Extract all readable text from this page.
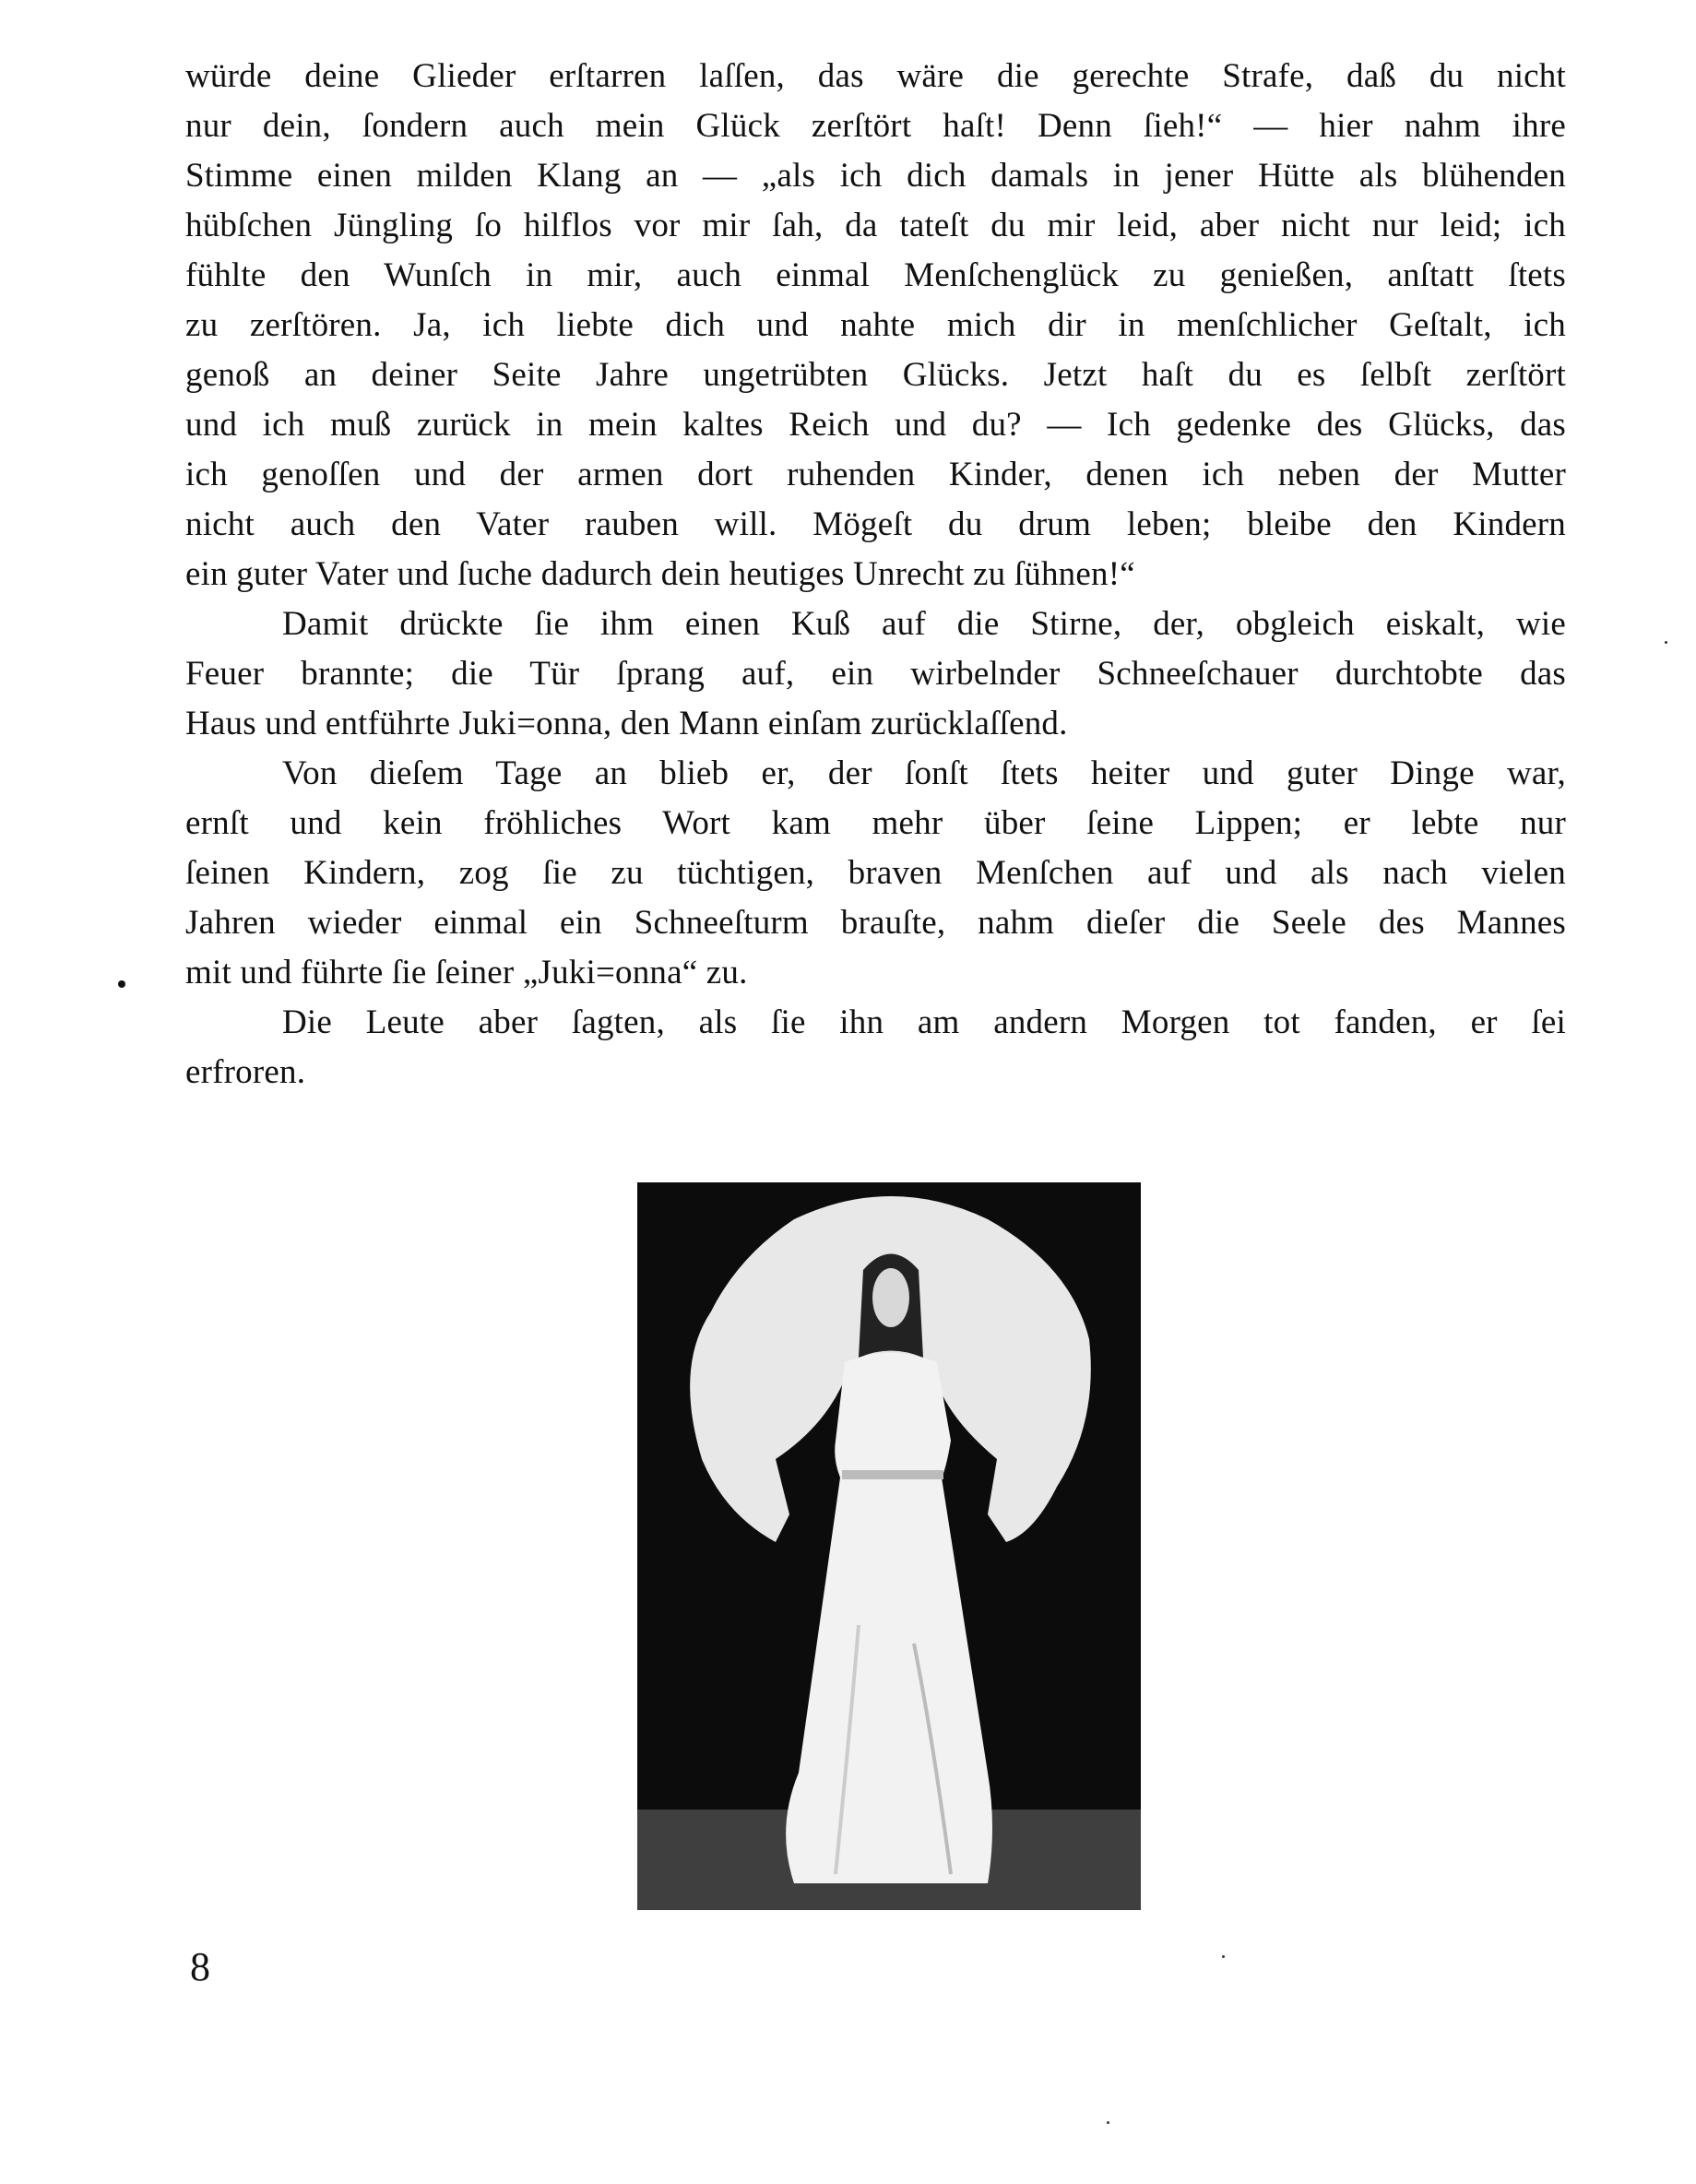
würde deine Glieder erſtarren laſſen, das wäre die gerechte Strafe, daß du nicht
nur dein, ſondern auch mein Glück zerſtört haſt! Denn ſieh!“ — hier nahm ihre
Stimme einen milden Klang an — „als ich dich damals in jener Hütte als blühenden
hübſchen Jüngling ſo hilflos vor mir ſah, da tateſt du mir leid, aber nicht nur leid; ich
fühlte den Wunſch in mir, auch einmal Menſchenglück zu genießen, anſtatt ſtets
zu zerſtören. Ja, ich liebte dich und nahte mich dir in menſchlicher Geſtalt, ich
genoß an deiner Seite Jahre ungetrübten Glücks. Jetzt haſt du es ſelbſt zerſtört
und ich muß zurück in mein kaltes Reich und du? — Ich gedenke des Glücks, das
ich genoſſen und der armen dort ruhenden Kinder, denen ich neben der Mutter
nicht auch den Vater rauben will. Mögeſt du drum leben; bleibe den Kindern
ein guter Vater und ſuche dadurch dein heutiges Unrecht zu ſühnen!“
Damit drückte ſie ihm einen Kuß auf die Stirne, der, obgleich eiskalt, wie
Feuer brannte; die Tür ſprang auf, ein wirbelnder Schneeſchauer durchtobte das
Haus und entführte Juki=onna, den Mann einſam zurücklaſſend.
Von dieſem Tage an blieb er, der ſonſt ſtets heiter und guter Dinge war,
ernſt und kein fröhliches Wort kam mehr über ſeine Lippen; er lebte nur
ſeinen Kindern, zog ſie zu tüchtigen, braven Menſchen auf und als nach vielen
Jahren wieder einmal ein Schneeſturm brauſte, nahm dieſer die Seele des Mannes
mit und führte ſie ſeiner „Juki=onna“ zu.
Die Leute aber ſagten, als ſie ihn am andern Morgen tot fanden, er ſei
erfroren.
8
